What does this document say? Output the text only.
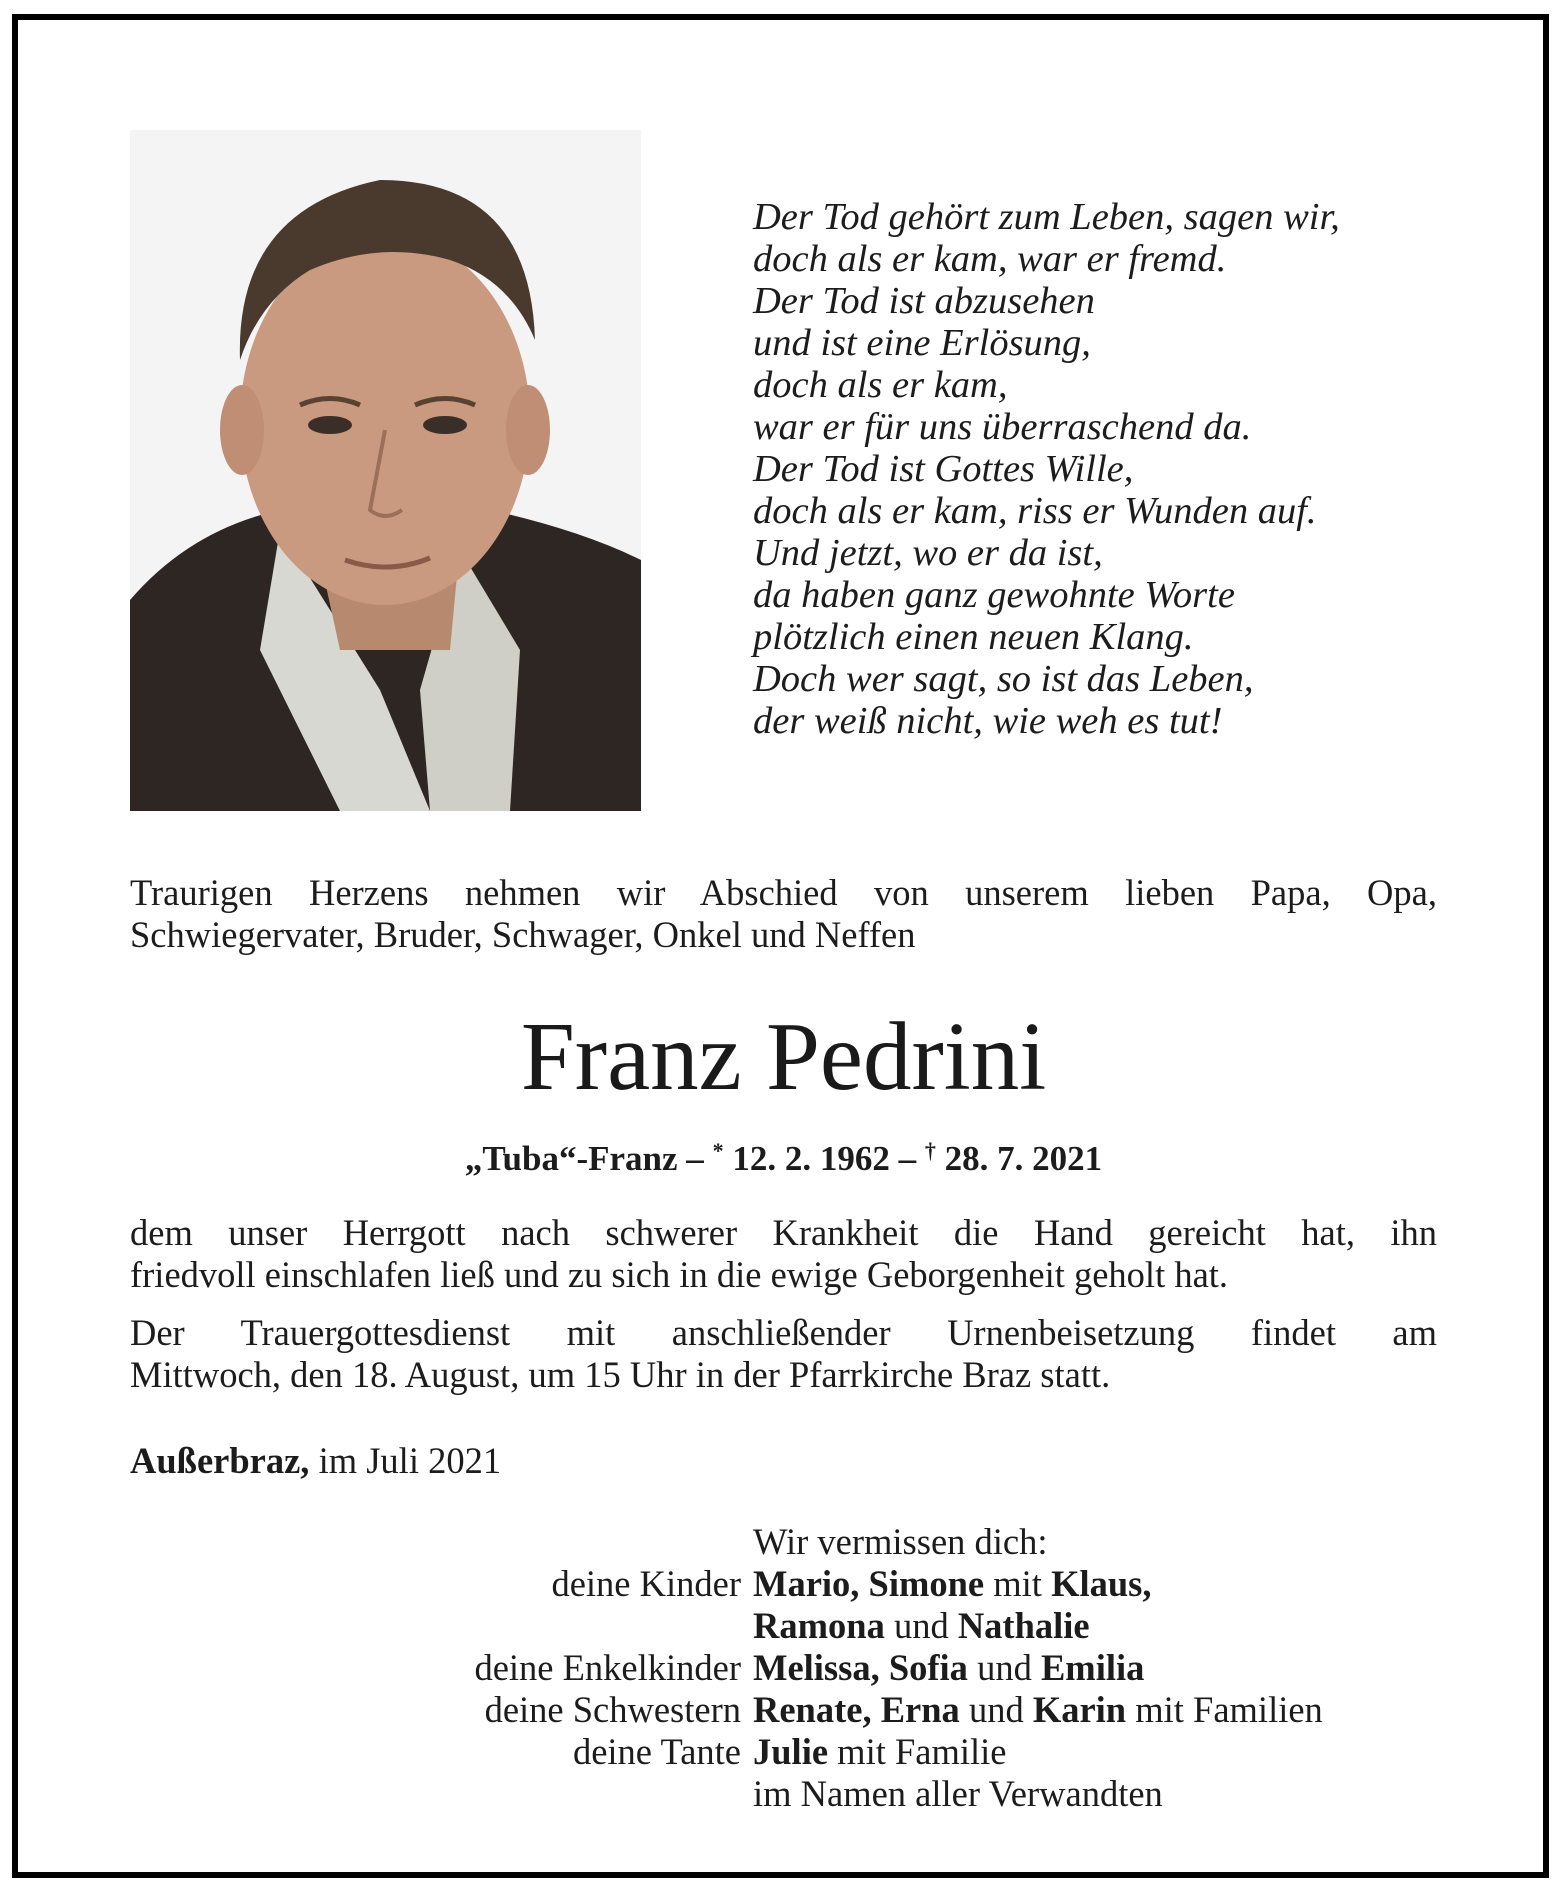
Der Tod gehört zum Leben, sagen wir,
doch als er kam, war er fremd.
Der Tod ist abzusehen
und ist eine Erlösung,
doch als er kam,
war er für uns überraschend da.
Der Tod ist Gottes Wille,
doch als er kam, riss er Wunden auf.
Und jetzt, wo er da ist,
da haben ganz gewohnte Worte
plötzlich einen neuen Klang.
Doch wer sagt, so ist das Leben,
der weiß nicht, wie weh es tut!
Traurigen Herzens nehmen wir Abschied von unserem lieben Papa, Opa,
Schwiegervater, Bruder, Schwager, Onkel und Neffen
Franz Pedrini
„Tuba“-Franz – * 12. 2. 1962 – † 28. 7. 2021
dem unser Herrgott nach schwerer Krankheit die Hand gereicht hat, ihn
friedvoll einschlafen ließ und zu sich in die ewige Geborgenheit geholt hat.
Der Trauergottesdienst mit anschließender Urnenbeisetzung findet am
Mittwoch, den 18. August, um 15 Uhr in der Pfarrkirche Braz statt.
Außerbraz, im Juli 2021
Wir vermissen dich:
deine Kinder Mario, Simone mit Klaus,
Ramona und Nathalie
deine Enkelkinder Melissa, Sofia und Emilia
deine Schwestern Renate, Erna und Karin mit Familien
deine Tante Julie mit Familie
im Namen aller Verwandten
